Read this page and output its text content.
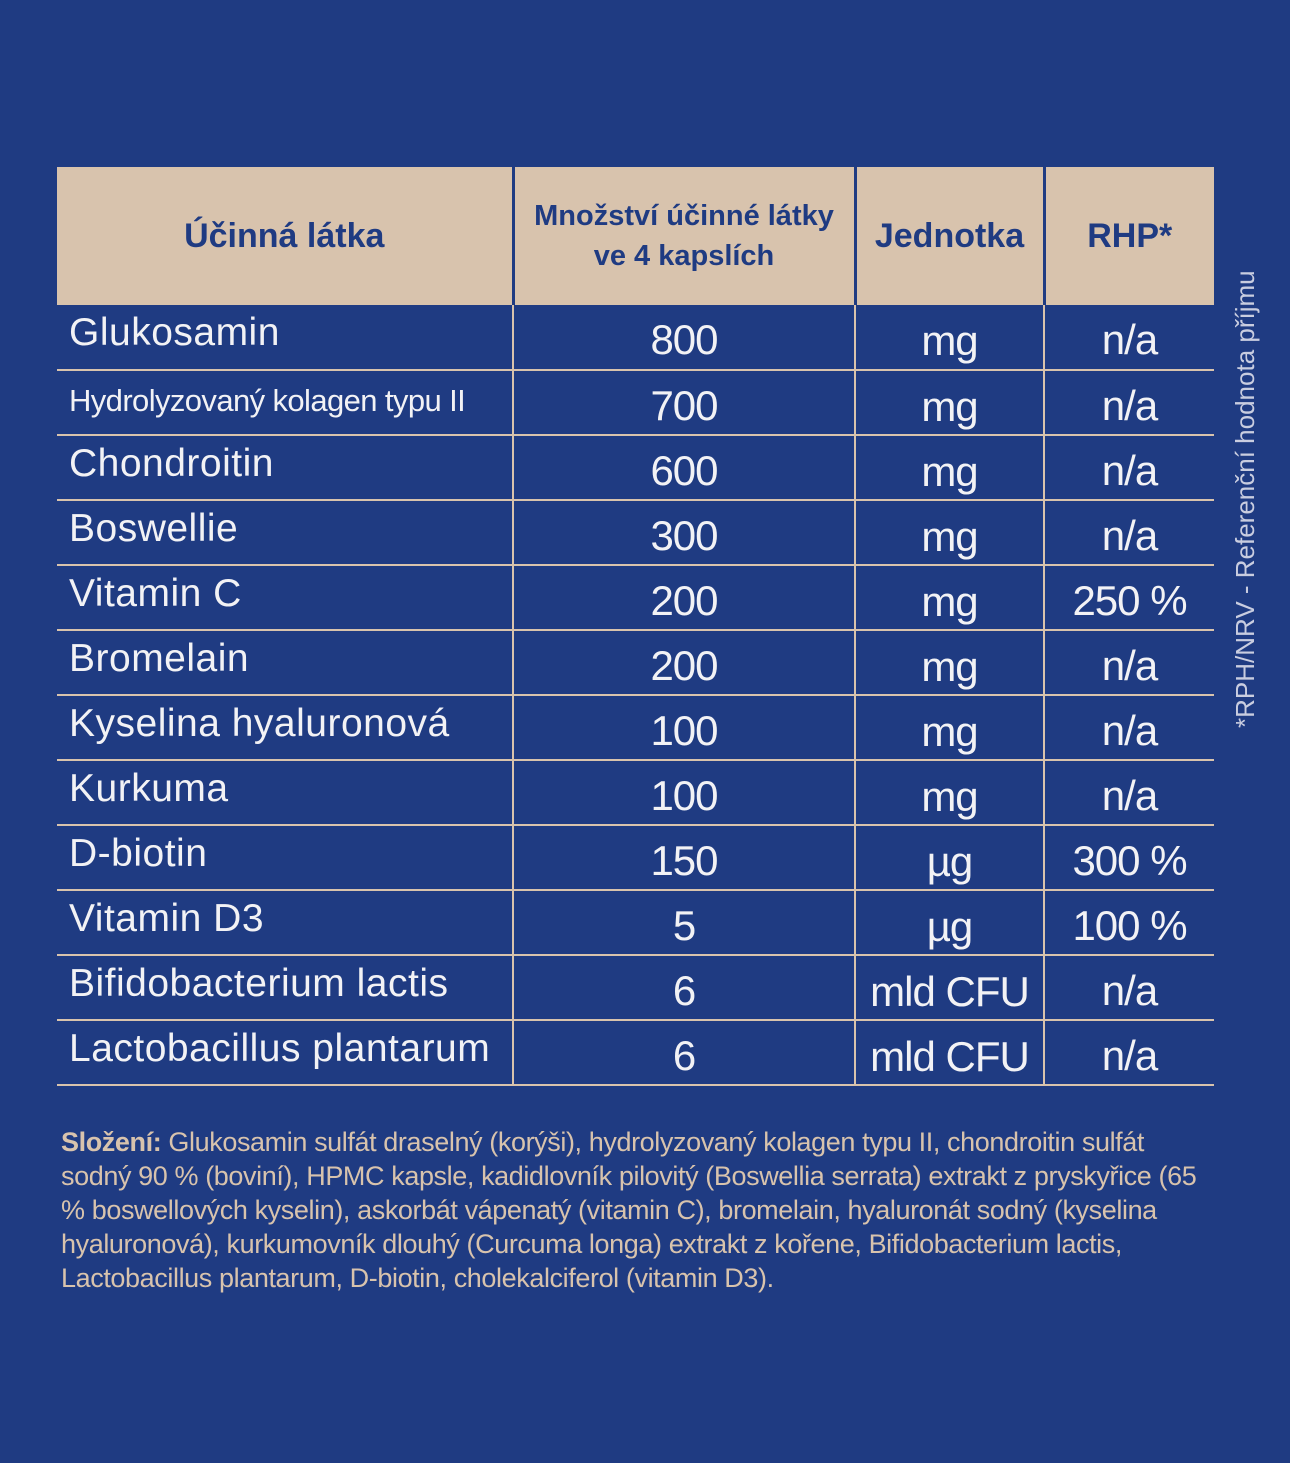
Účinná látka	Množství účinné látky ve 4 kapslích	Jednotka	RHP*
Glukosamin	800	mg	n/a
Hydrolyzovaný kolagen typu II	700	mg	n/a
Chondroitin	600	mg	n/a
Boswellie	300	mg	n/a
Vitamin C	200	mg	250 %
Bromelain	200	mg	n/a
Kyselina hyaluronová	100	mg	n/a
Kurkuma	100	mg	n/a
D-biotin	150	µg	300 %
Vitamin D3	5	µg	100 %
Bifidobacterium lactis	6	mld CFU	n/a
Lactobacillus plantarum	6	mld CFU	n/a
*RPH/NRV - Referenční hodnota příjmu
Složení: Glukosamin sulfát draselný (korýši), hydrolyzovaný kolagen typu II, chondroitin sulfát sodný 90 % (boviní), HPMC kapsle, kadidlovník pilovitý (Boswellia serrata) extrakt z pryskyřice (65 % boswellových kyselin), askorbát vápenatý (vitamin C), bromelain, hyaluronát sodný (kyselina hyaluronová), kurkumovník dlouhý (Curcuma longa) extrakt z kořene, Bifidobacterium lactis, Lactobacillus plantarum, D-biotin, cholekalciferol (vitamin D3).
